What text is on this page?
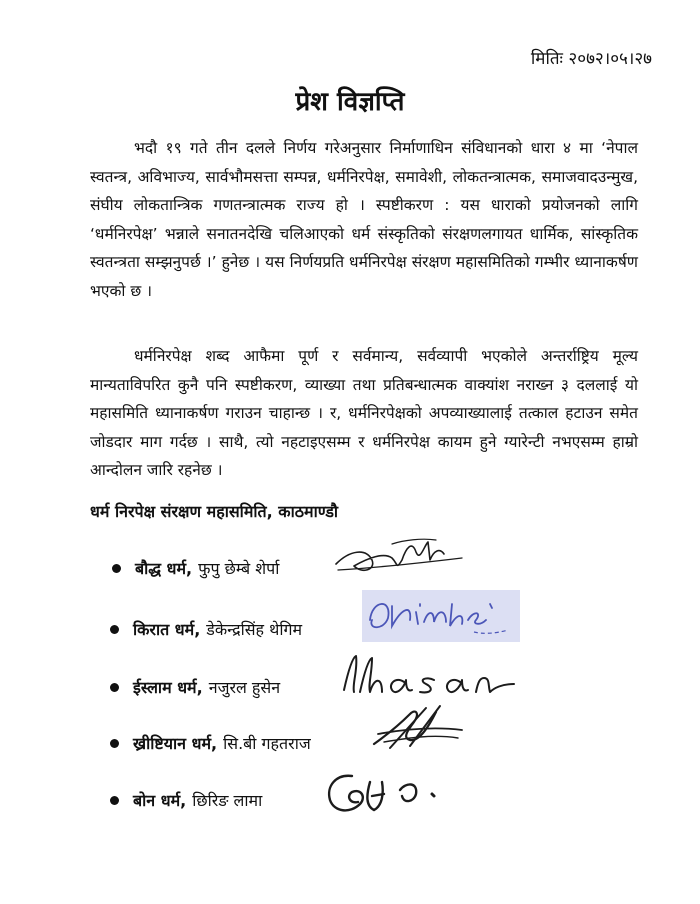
मितिः २०७२।०५।२७
प्रेश विज्ञप्ति

भदौ १९ गते तीन दलले निर्णय गरेअनुसार निर्माणाधिन संविधानको धारा ४ मा ‘नेपाल स्वतन्त्र, अविभाज्य, सार्वभौमसत्ता सम्पन्न, धर्मनिरपेक्ष, समावेशी, लोकतन्त्रात्मक, समाजवादउन्मुख, संघीय लोकतान्त्रिक गणतन्त्रात्मक राज्य हो । स्पष्टीकरण : यस धाराको प्रयोजनको लागि ‘धर्मनिरपेक्ष’ भन्नाले सनातनदेखि चलिआएको धर्म संस्कृतिको संरक्षणलगायत धार्मिक, सांस्कृतिक स्वतन्त्रता सम्झनुपर्छ ।’ हुनेछ । यस निर्णयप्रति धर्मनिरपेक्ष संरक्षण महासमितिको गम्भीर ध्यानाकर्षण भएको छ ।

धर्मनिरपेक्ष शब्द आफैमा पूर्ण र सर्वमान्य, सर्वव्यापी भएकोले अन्तर्राष्ट्रिय मूल्य मान्यताविपरित कुनै पनि स्पष्टीकरण, व्याख्या तथा प्रतिबन्धात्मक वाक्यांश नराख्न ३ दललाई यो महासमिति ध्यानाकर्षण गराउन चाहान्छ । र, धर्मनिरपेक्षको अपव्याख्यालाई तत्काल हटाउन समेत जोडदार माग गर्दछ । साथै, त्यो नहटाइएसम्म र धर्मनिरपेक्ष कायम हुने ग्यारेन्टी नभएसम्म हाम्रो आन्दोलन जारि रहनेछ ।

धर्म निरपेक्ष संरक्षण महासमिति, काठमाण्डौ
बौद्ध धर्म, फुपु छेम्बे शेर्पा
किरात धर्म, डेकेन्द्रसिंह थेगिम
ईस्लाम धर्म, नजुरल हुसेन
ख्रीष्टियान धर्म, सि.बी गहतराज
बोन धर्म, छिरिङ लामा
